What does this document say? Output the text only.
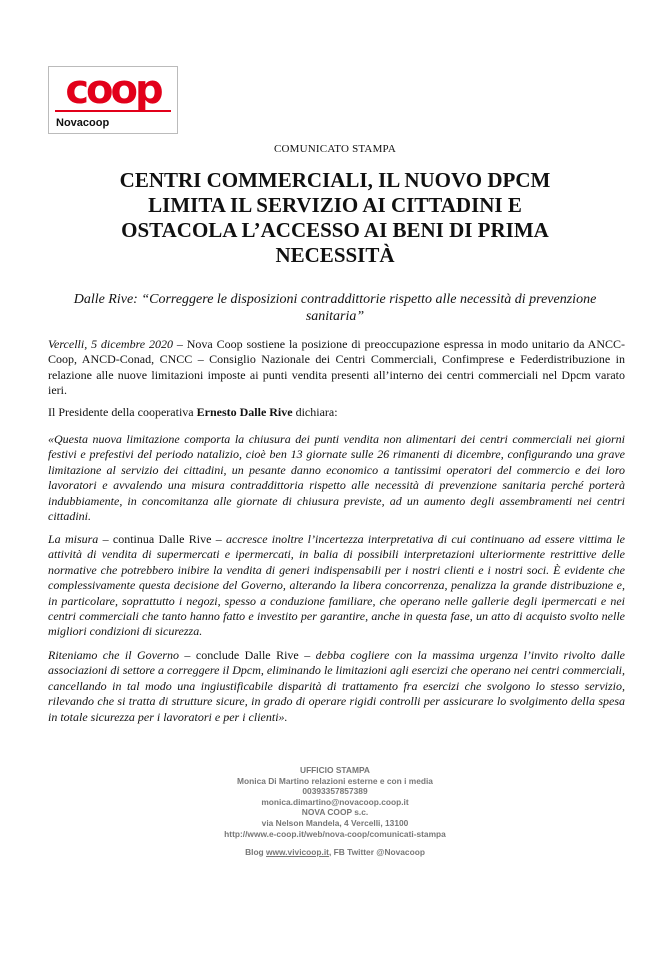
coop
Novacoop
COMUNICATO STAMPA
CENTRI COMMERCIALI, IL NUOVO DPCM
LIMITA IL SERVIZIO AI CITTADINI E
OSTACOLA L’ACCESSO AI BENI DI PRIMA
NECESSITÀ
Dalle Rive: “Correggere le disposizioni contraddittorie rispetto alle necessità di prevenzione sanitaria”
Vercelli, 5 dicembre 2020 – Nova Coop sostiene la posizione di preoccupazione espressa in modo unitario da ANCC-Coop, ANCD-Conad, CNCC – Consiglio Nazionale dei Centri Commerciali, Confimprese e Federdistribuzione in relazione alle nuove limitazioni imposte ai punti vendita presenti all’interno dei centri commerciali nel Dpcm varato ieri.
Il Presidente della cooperativa Ernesto Dalle Rive dichiara:
«Questa nuova limitazione comporta la chiusura dei punti vendita non alimentari dei centri commerciali nei giorni festivi e prefestivi del periodo natalizio, cioè ben 13 giornate sulle 26 rimanenti di dicembre, configurando una grave limitazione al servizio dei cittadini, un pesante danno economico a tantissimi operatori del commercio e dei loro lavoratori e avvalendo una misura contraddittoria rispetto alle necessità di prevenzione sanitaria perché porterà indubbiamente, in concomitanza alle giornate di chiusura previste, ad un aumento degli assembramenti nei centri cittadini.
La misura – continua Dalle Rive – accresce inoltre l’incertezza interpretativa di cui continuano ad essere vittima le attività di vendita di supermercati e ipermercati, in balia di possibili interpretazioni ulteriormente restrittive delle normative che potrebbero inibire la vendita di generi indispensabili per i nostri clienti e i nostri soci. È evidente che complessivamente questa decisione del Governo, alterando la libera concorrenza, penalizza la grande distribuzione e, in particolare, soprattutto i negozi, spesso a conduzione familiare, che operano nelle gallerie degli ipermercati e nei centri commerciali che tanto hanno fatto e investito per garantire, anche in questa fase, un atto di acquisto svolto nelle migliori condizioni di sicurezza.
Riteniamo che il Governo – conclude Dalle Rive – debba cogliere con la massima urgenza l’invito rivolto dalle associazioni di settore a correggere il Dpcm, eliminando le limitazioni agli esercizi che operano nei centri commerciali, cancellando in tal modo una ingiustificabile disparità di trattamento fra esercizi che svolgono lo stesso servizio, rilevando che si tratta di strutture sicure, in grado di operare rigidi controlli per assicurare lo svolgimento della spesa in totale sicurezza per i lavoratori e per i clienti».
UFFICIO STAMPA
Monica Di Martino relazioni esterne e con i media
00393357857389
monica.dimartino@novacoop.coop.it
NOVA COOP s.c.
via Nelson Mandela, 4 Vercelli, 13100
http://www.e-coop.it/web/nova-coop/comunicati-stampa
Blog www.vivicoop.it, FB Twitter @Novacoop
